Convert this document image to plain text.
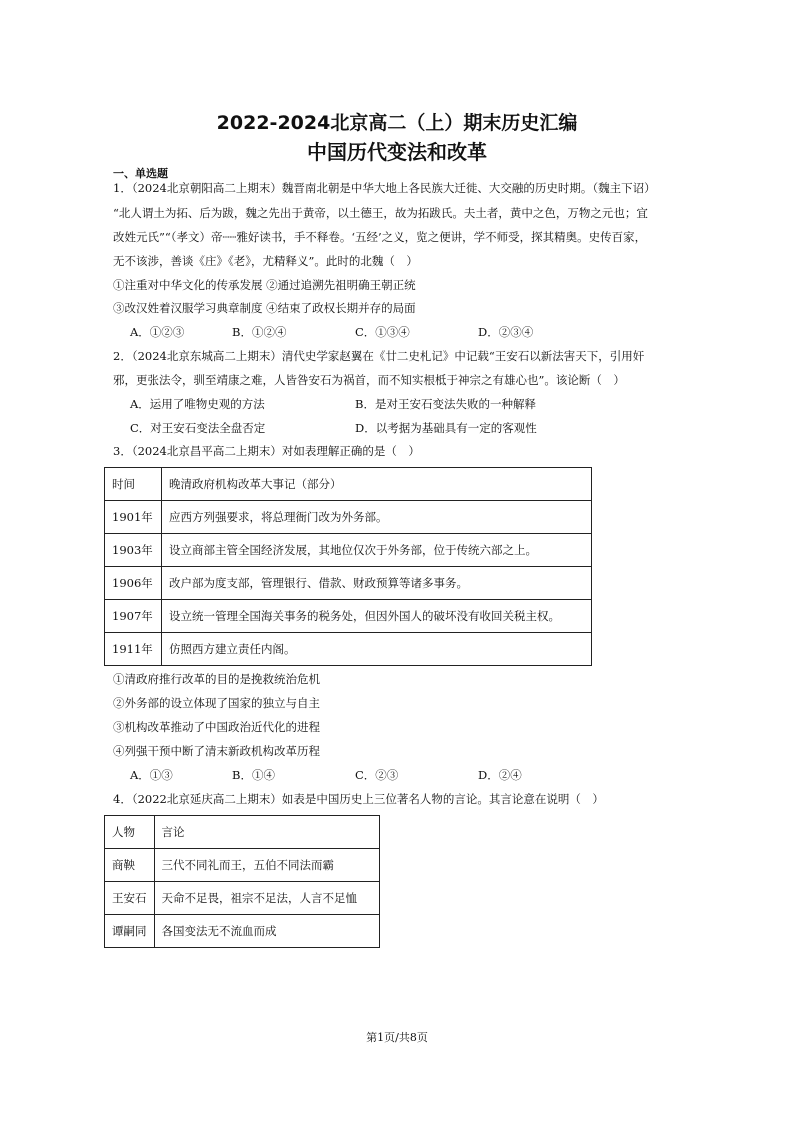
2022-2024北京高二（上）期末历史汇编
中国历代变法和改革
一、单选题
1．（2024北京朝阳高二上期末）魏晋南北朝是中华大地上各民族大迁徙、大交融的历史时期。（魏主下诏）
“北人谓土为拓、后为跋，魏之先出于黄帝，以土德王，故为拓跋氏。夫土者，黄中之色，万物之元也；宜
改姓元氏”“（孝文）帝┈┈雅好读书，手不释卷。‘五经’之义，览之便讲，学不师受，探其精奥。史传百家，
无不该涉，善谈《庄》《老》，尤精释义”。此时的北魏（　）
①注重对中华文化的传承发展 ②通过追溯先祖明确王朝正统
③改汉姓着汉服学习典章制度 ④结束了政权长期并存的局面
A．①②③	B．①②④	C．①③④	D．②③④
2．（2024北京东城高二上期末）清代史学家赵翼在《廿二史札记》中记载“王安石以新法害天下，引用奸
邪，更张法令，驯至靖康之难，人皆咎安石为祸首，而不知实根柢于神宗之有雄心也”。该论断（　）
A．运用了唯物史观的方法	B．是对王安石变法失败的一种解释
C．对王安石变法全盘否定	D．以考据为基础具有一定的客观性
3．（2024北京昌平高二上期末）对如表理解正确的是（　）
时间	晚清政府机构改革大事记（部分）
1901年	应西方列强要求，将总理衙门改为外务部。
1903年	设立商部主管全国经济发展，其地位仅次于外务部，位于传统六部之上。
1906年	改户部为度支部，管理银行、借款、财政预算等诸多事务。
1907年	设立统一管理全国海关事务的税务处，但因外国人的破坏没有收回关税主权。
1911年	仿照西方建立责任内阁。
①清政府推行改革的目的是挽救统治危机
②外务部的设立体现了国家的独立与自主
③机构改革推动了中国政治近代化的进程
④列强干预中断了清末新政机构改革历程
A．①③	B．①④	C．②③	D．②④
4．（2022北京延庆高二上期末）如表是中国历史上三位著名人物的言论。其言论意在说明（　）
人物	言论
商鞅	三代不同礼而王，五伯不同法而霸
王安石	天命不足畏，祖宗不足法，人言不足恤
谭嗣同	各国变法无不流血而成
第1页/共8页
